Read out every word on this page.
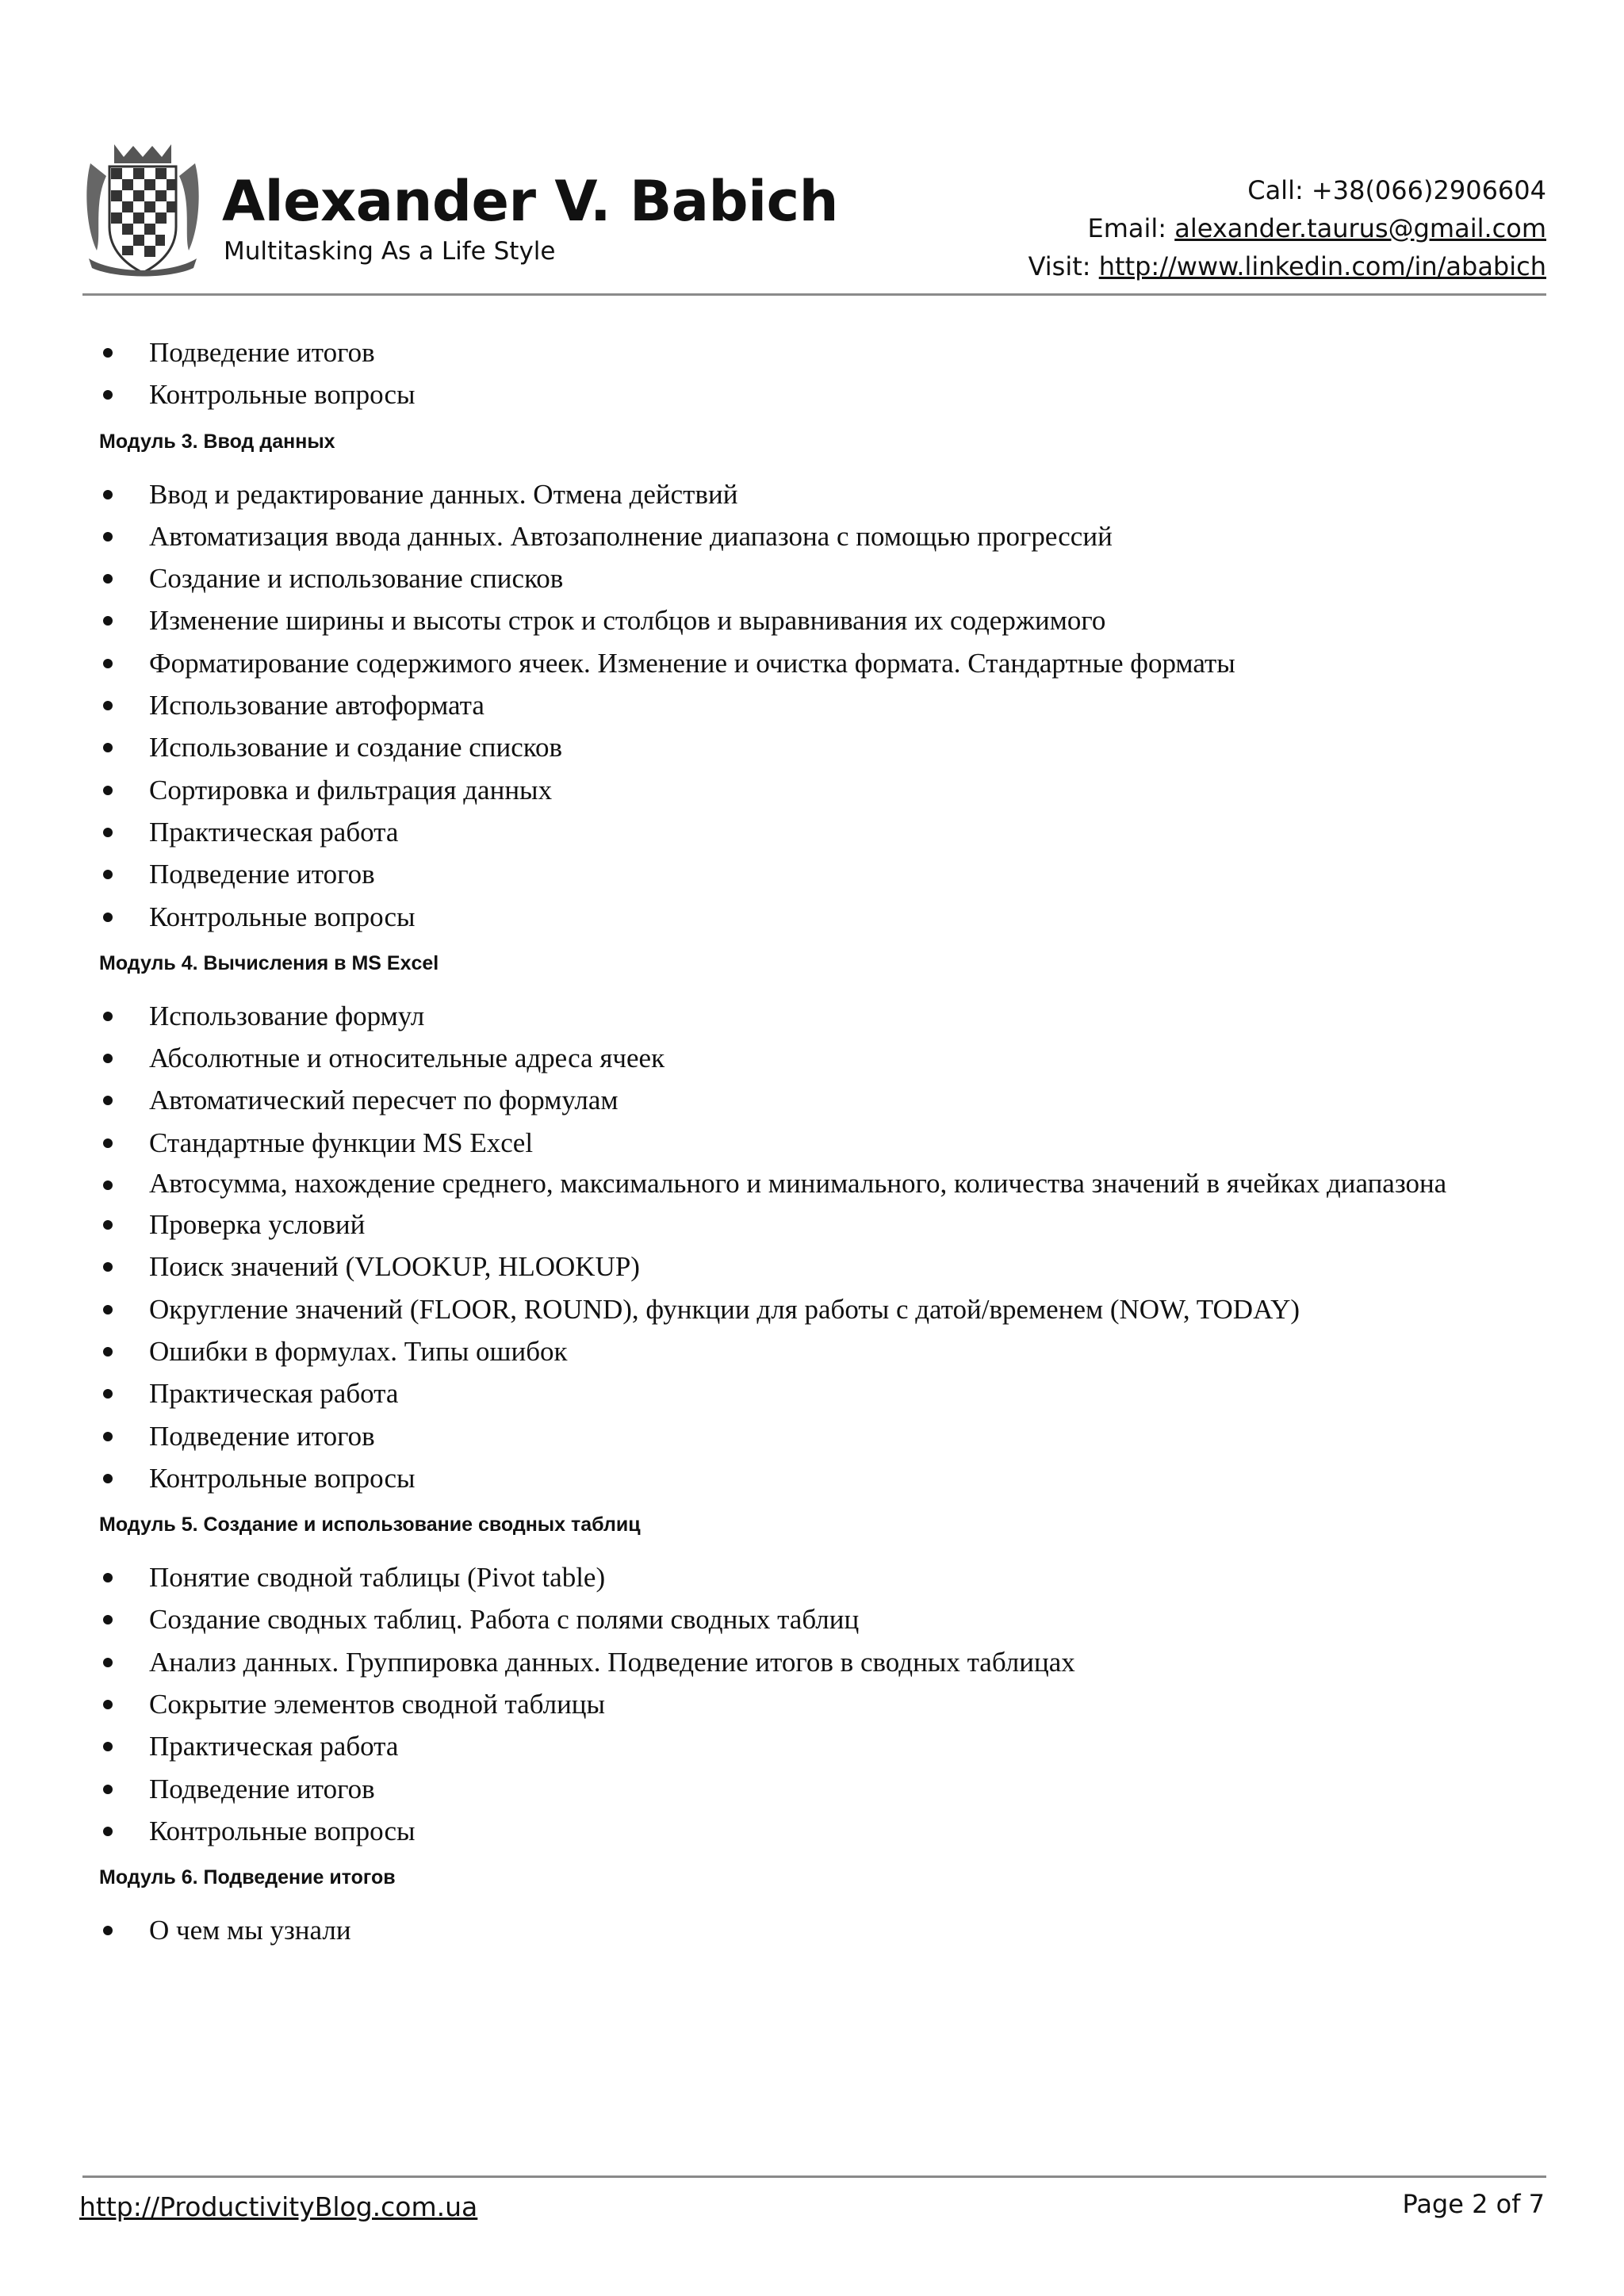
Alexander V. Babich
Multitasking As a Life Style
Call: +38(066)2906604
Email: alexander.taurus@gmail.com
Visit: http://www.linkedin.com/in/ababich
Подведение итогов
Контрольные вопросы
Модуль 3. Ввод данных
Ввод и редактирование данных. Отмена действий
Автоматизация ввода данных. Автозаполнение диапазона с помощью прогрессий
Создание и использование списков
Изменение ширины и высоты строк и столбцов и выравнивания их содержимого
Форматирование содержимого ячеек. Изменение и очистка формата. Стандартные форматы
Использование автоформата
Использование и создание списков
Сортировка и фильтрация данных
Практическая работа
Подведение итогов
Контрольные вопросы
Модуль 4. Вычисления в MS Excel
Использование формул
Абсолютные и относительные адреса ячеек
Автоматический пересчет по формулам
Стандартные функции MS Excel
Автосумма, нахождение среднего, максимального и минимального, количества значений в ячейках диапазона
Проверка условий
Поиск значений (VLOOKUP, HLOOKUP)
Округление значений (FLOOR, ROUND), функции для работы с датой/временем (NOW, TODAY)
Ошибки в формулах. Типы ошибок
Практическая работа
Подведение итогов
Контрольные вопросы
Модуль 5. Создание и использование сводных таблиц
Понятие сводной таблицы (Pivot table)
Создание сводных таблиц. Работа с полями сводных таблиц
Анализ данных. Группировка данных. Подведение итогов в сводных таблицах
Сокрытие элементов сводной таблицы
Практическая работа
Подведение итогов
Контрольные вопросы
Модуль 6. Подведение итогов
О чем мы узнали
http://ProductivityBlog.com.ua	Page 2 of 7
